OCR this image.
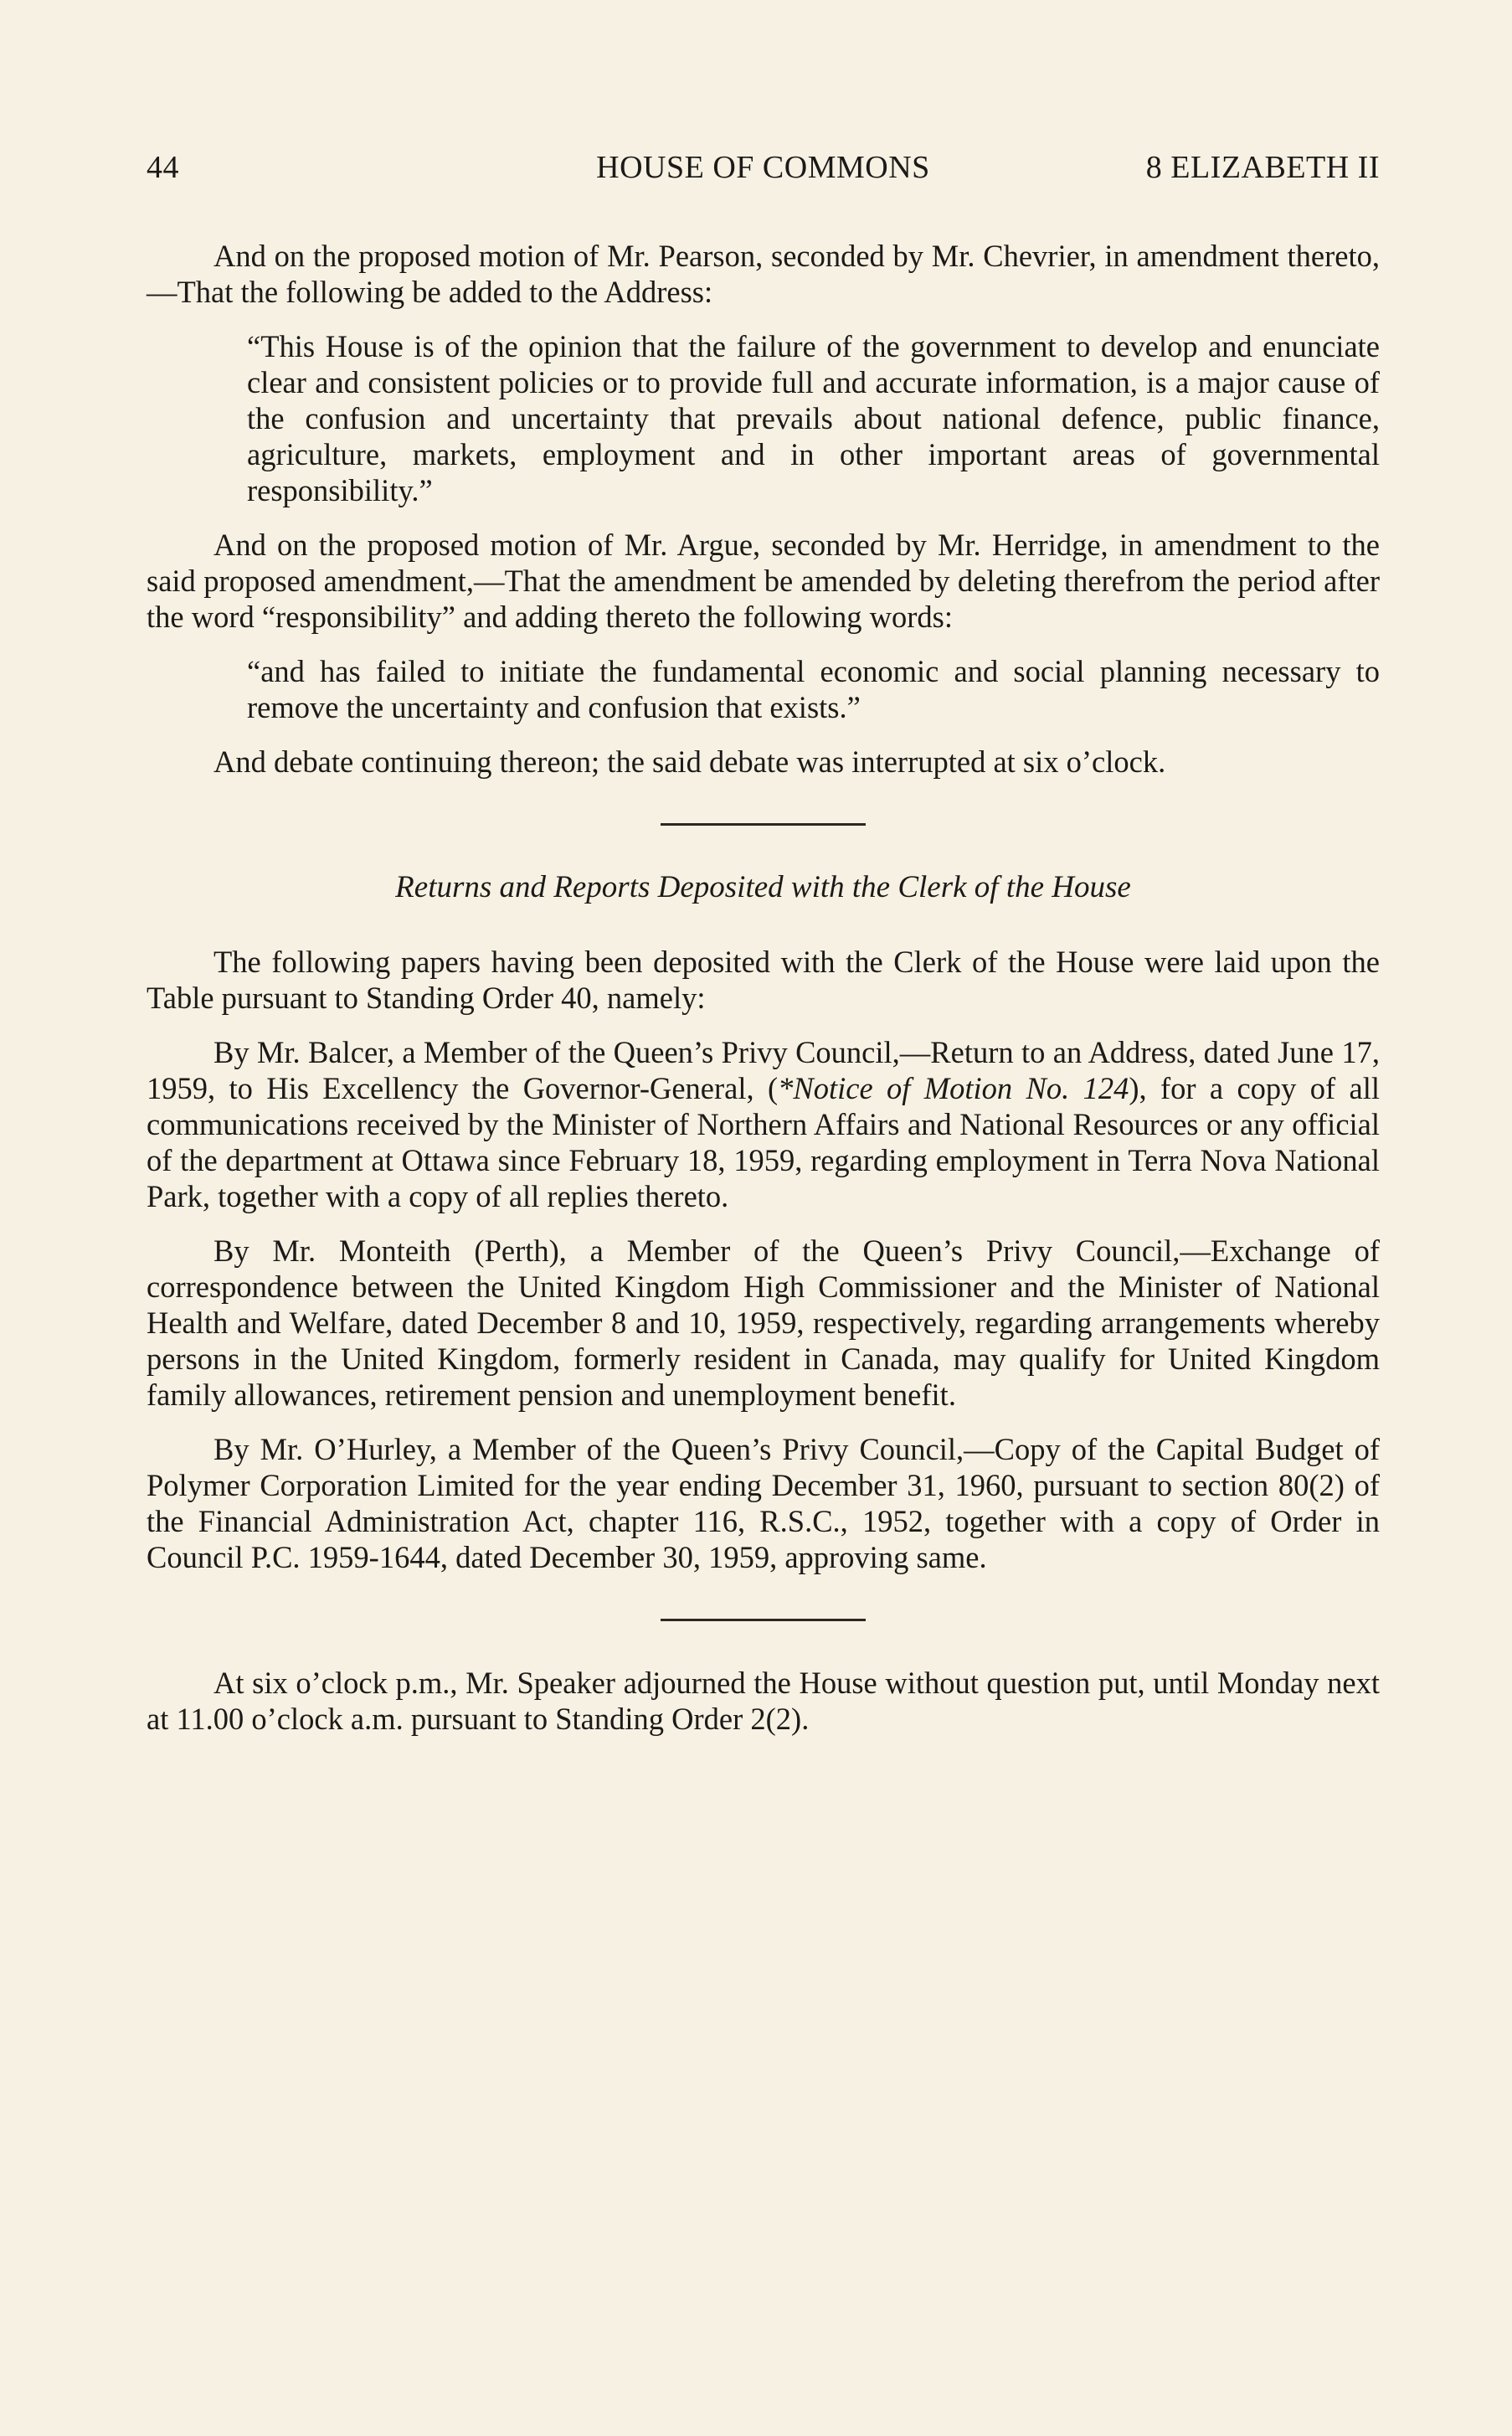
44	HOUSE OF COMMONS	8 ELIZABETH II

And on the proposed motion of Mr. Pearson, seconded by Mr. Chevrier, in amendment thereto,—That the following be added to the Address:

“This House is of the opinion that the failure of the government to develop and enunciate clear and consistent policies or to provide full and accurate information, is a major cause of the confusion and uncertainty that prevails about national defence, public finance, agriculture, markets, employment and in other important areas of governmental responsibility.”

And on the proposed motion of Mr. Argue, seconded by Mr. Herridge, in amendment to the said proposed amendment,—That the amendment be amended by deleting therefrom the period after the word “responsibility” and adding thereto the following words:

“and has failed to initiate the fundamental economic and social planning necessary to remove the uncertainty and confusion that exists.”

And debate continuing thereon; the said debate was interrupted at six o’clock.

Returns and Reports Deposited with the Clerk of the House

The following papers having been deposited with the Clerk of the House were laid upon the Table pursuant to Standing Order 40, namely:

By Mr. Balcer, a Member of the Queen’s Privy Council,—Return to an Address, dated June 17, 1959, to His Excellency the Governor-General, (*Notice of Motion No. 124), for a copy of all communications received by the Minister of Northern Affairs and National Resources or any official of the department at Ottawa since February 18, 1959, regarding employment in Terra Nova National Park, together with a copy of all replies thereto.

By Mr. Monteith (Perth), a Member of the Queen’s Privy Council,—Exchange of correspondence between the United Kingdom High Commissioner and the Minister of National Health and Welfare, dated December 8 and 10, 1959, respectively, regarding arrangements whereby persons in the United Kingdom, formerly resident in Canada, may qualify for United Kingdom family allowances, retirement pension and unemployment benefit.

By Mr. O’Hurley, a Member of the Queen’s Privy Council,—Copy of the Capital Budget of Polymer Corporation Limited for the year ending December 31, 1960, pursuant to section 80(2) of the Financial Administration Act, chapter 116, R.S.C., 1952, together with a copy of Order in Council P.C. 1959-1644, dated December 30, 1959, approving same.

At six o’clock p.m., Mr. Speaker adjourned the House without question put, until Monday next at 11.00 o’clock a.m. pursuant to Standing Order 2(2).
